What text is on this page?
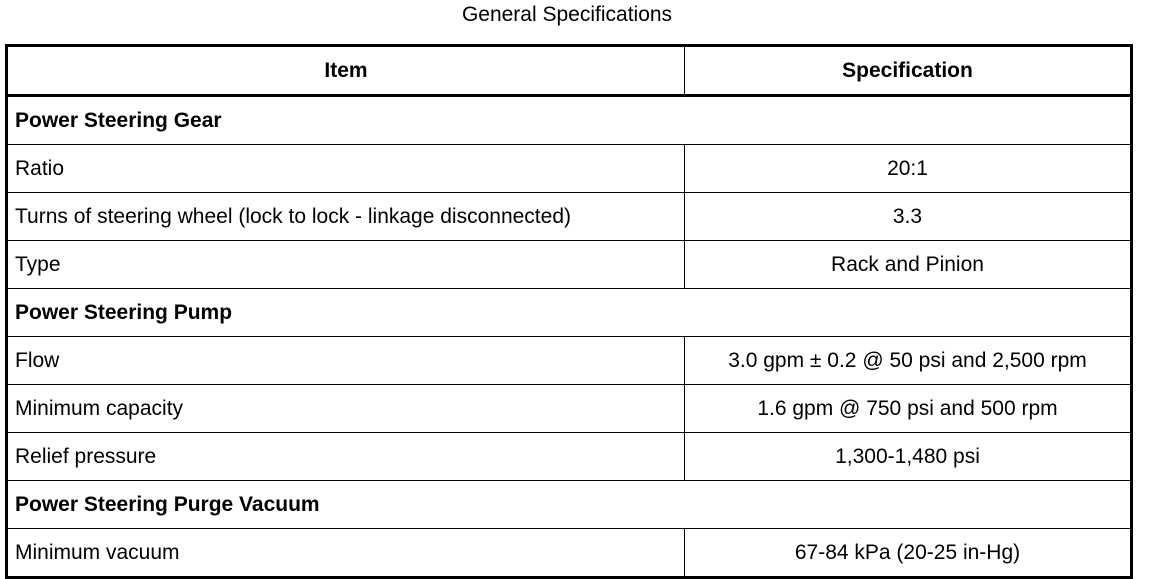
General Specifications
Item	Specification
Power Steering Gear	
Ratio	20:1
Turns of steering wheel (lock to lock - linkage disconnected)	3.3
Type	Rack and Pinion
Power Steering Pump	
Flow	3.0 gpm ± 0.2 @ 50 psi and 2,500 rpm
Minimum capacity	1.6 gpm @ 750 psi and 500 rpm
Relief pressure	1,300-1,480 psi
Power Steering Purge Vacuum	
Minimum vacuum	67-84 kPa (20-25 in-Hg)
